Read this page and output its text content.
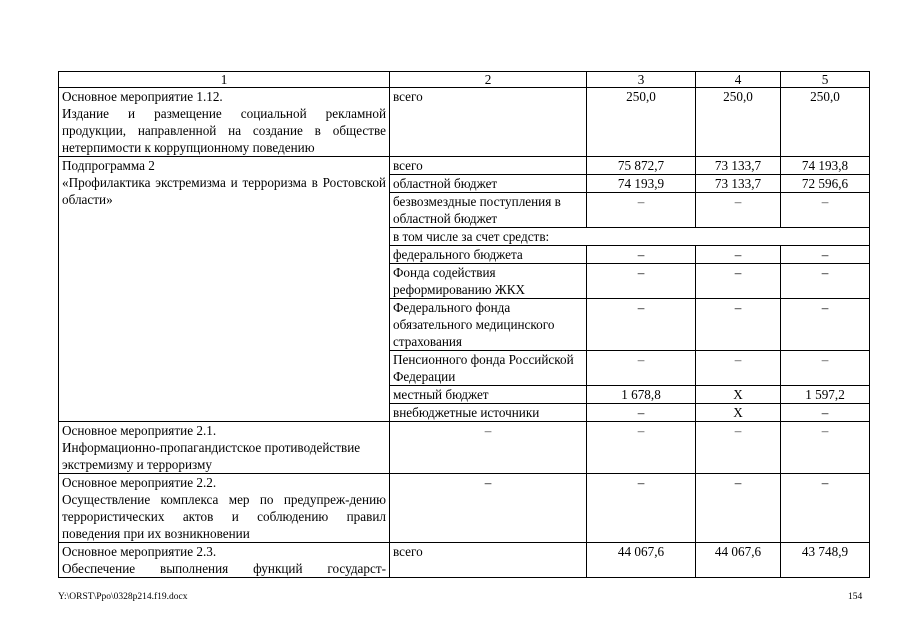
1	2	3	4	5

Основное мероприятие 1.12.
Издание и размещение социальной рекламной продукции, направленной на создание в обществе нетерпимости к коррупционному поведению	всего	250,0	250,0	250,0

Подпрограмма 2
«Профилактика экстремизма и терроризма в Ростовской области»	всего	75 872,7	73 133,7	74 193,8
	областной бюджет	74 193,9	73 133,7	72 596,6
	безвозмездные поступления в областной бюджет	–	–	–
	в том числе за счет средств:			
	федерального бюджета	–	–	–
	Фонда содействия реформированию ЖКХ	–	–	–
	Федерального фонда обязательного медицинского страхования	–	–	–
	Пенсионного фонда Российской Федерации	–	–	–
	местный бюджет	1 678,8	Х	1 597,2
	внебюджетные источники	–	Х	–

Основное мероприятие 2.1.
Информационно-пропагандистское противодействие экстремизму и терроризму	–	–	–	–

Основное мероприятие 2.2.
Осуществление комплекса мер по предупреж-дению террористических актов и соблюдению правил поведения при их возникновении	–	–	–	–

Основное мероприятие 2.3.
Обеспечение выполнения функций государст-	всего	44 067,6	44 067,6	43 748,9
Y:\ORST\Ppo\0328p214.f19.docx	154
